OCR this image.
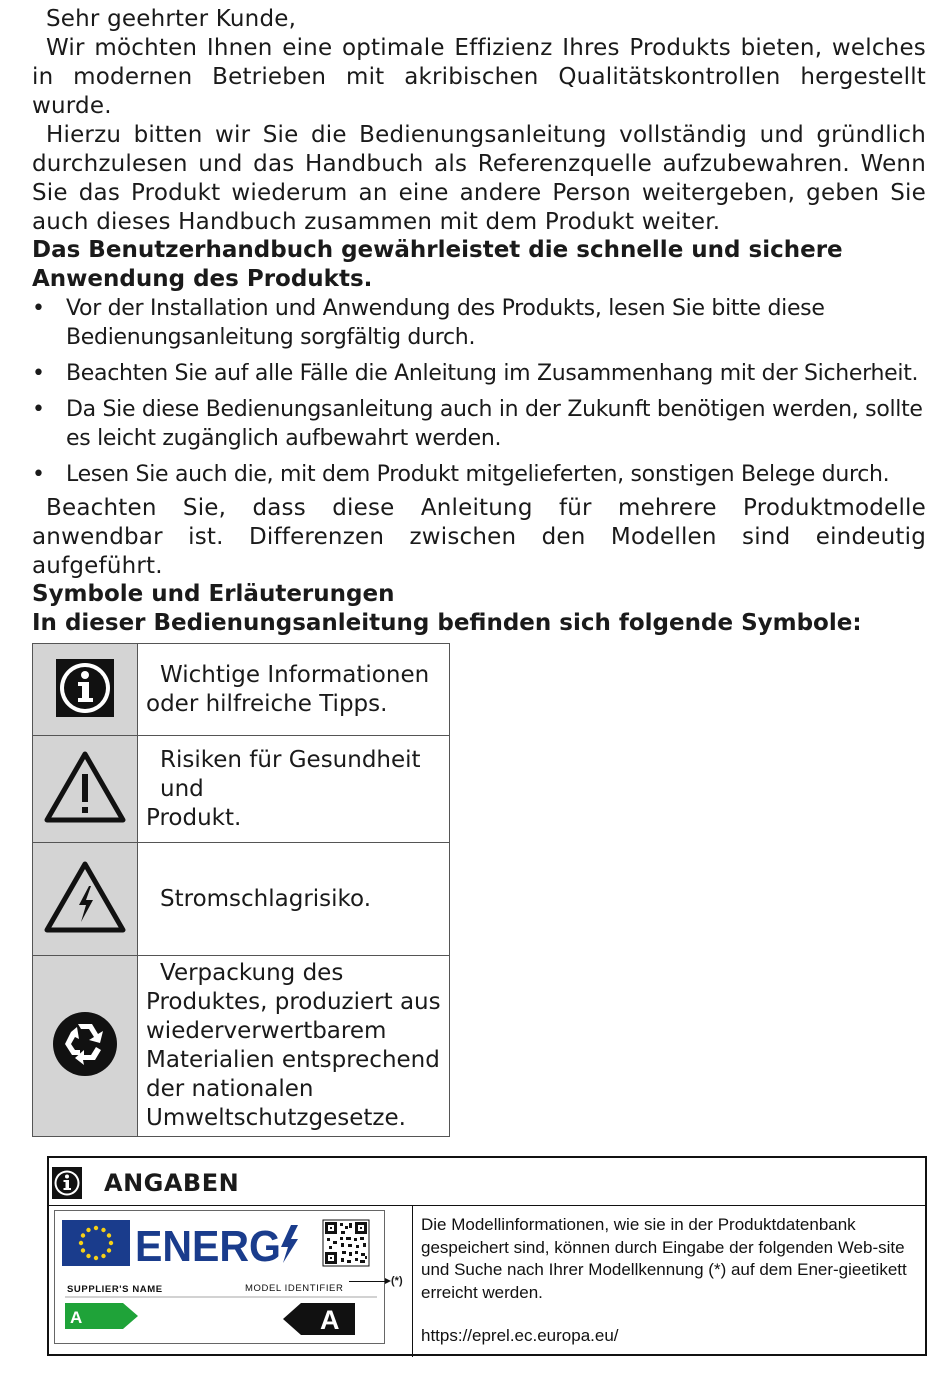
Sehr geehrter Kunde,

Wir möchten Ihnen eine optimale Effizienz Ihres Produkts bieten, welches in modernen Betrieben mit akribischen Qualitätskontrollen hergestellt wurde.

Hierzu bitten wir Sie die Bedienungsanleitung vollständig und gründlich durchzulesen und das Handbuch als Referenzquelle aufzubewahren. Wenn Sie das Produkt wiederum an eine andere Person weitergeben, geben Sie auch dieses Handbuch zusammen mit dem Produkt weiter.

Das Benutzerhandbuch gewährleistet die schnelle und sichere Anwendung des Produkts.

• Vor der Installation und Anwendung des Produkts, lesen Sie bitte diese Bedienungsanleitung sorgfältig durch.
• Beachten Sie auf alle Fälle die Anleitung im Zusammenhang mit der Sicherheit.
• Da Sie diese Bedienungsanleitung auch in der Zukunft benötigen werden, sollte es leicht zugänglich aufbewahrt werden.
• Lesen Sie auch die, mit dem Produkt mitgelieferten, sonstigen Belege durch.

Beachten Sie, dass diese Anleitung für mehrere Produktmodelle anwendbar ist. Differenzen zwischen den Modellen sind eindeutig aufgeführt.

Symbole und Erläuterungen

In dieser Bedienungsanleitung befinden sich folgende Symbole:

Wichtige Informationen
oder hilfreiche Tipps.

Risiken für Gesundheit und
Produkt.

Stromschlagrisiko.

Verpackung des
Produktes, produziert aus wiederverwertbarem Materialien entsprechend der nationalen Umweltschutzgesetze.
ANGABEN
ENERG
SUPPLIER'S NAME	MODEL IDENTIFIER
A	A
(*)
Die Modellinformationen, wie sie in der Produktdatenbank gespeichert sind, können durch Eingabe der folgenden Web-site und Suche nach Ihrer Modellkennung (*) auf dem Ener-gieetikett erreicht werden.
https://eprel.ec.europa.eu/
